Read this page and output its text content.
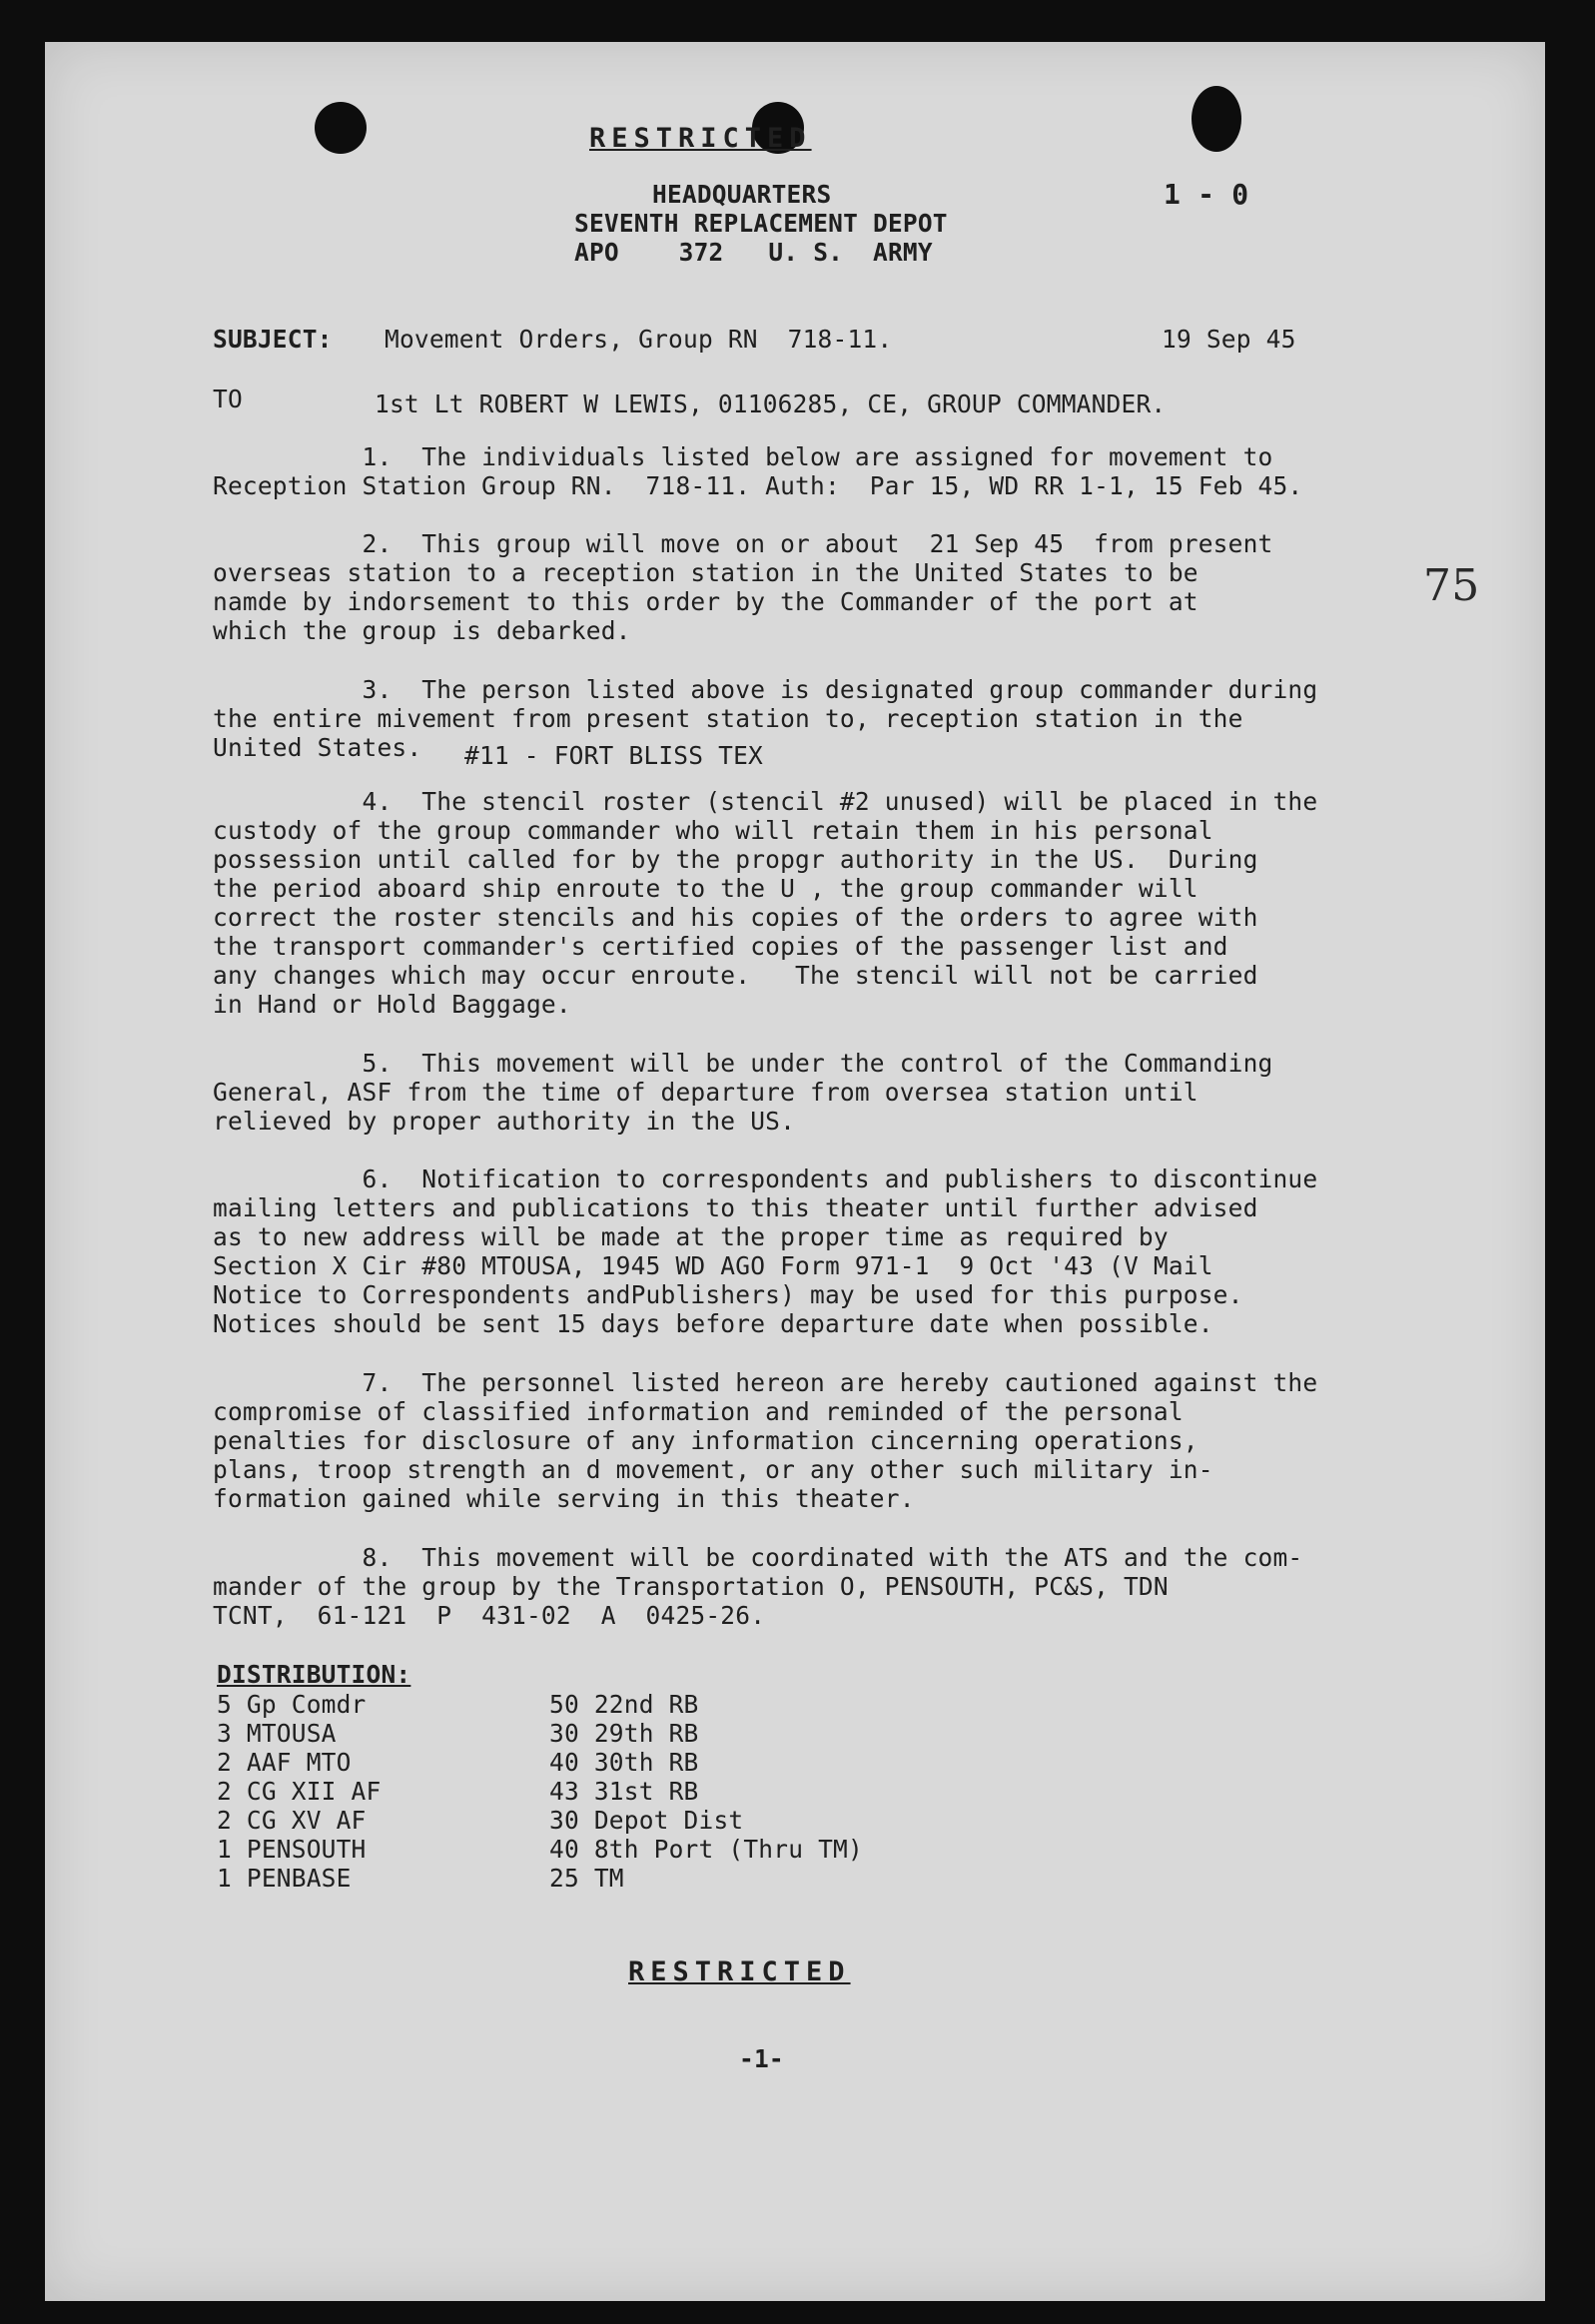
RESTRICTED
HEADQUARTERS
SEVENTH REPLACEMENT DEPOT
APO    372   U. S.  ARMY
1 - 0
75
SUBJECT: Movement Orders, Group RN  718-11.	19 Sep 45
TO	1st Lt ROBERT W LEWIS, 01106285, CE, GROUP COMMANDER.
1.  The individuals listed below are assigned for movement to
Reception Station Group RN.  718-11. Auth:  Par 15, WD RR 1-1, 15 Feb 45.
2.  This group will move on or about  21 Sep 45  from present
overseas station to a reception station in the United States to be
namde by indorsement to this order by the Commander of the port at
which the group is debarked.
3.  The person listed above is designated group commander during
the entire mivement from present station to, reception station in the
United States. #11 - FORT BLISS TEX
4.  The stencil roster (stencil #2 unused) will be placed in the
custody of the group commander who will retain them in his personal
possession until called for by the propgr authority in the US.  During
the period aboard ship enroute to the U , the group commander will
correct the roster stencils and his copies of the orders to agree with
the transport commander's certified copies of the passenger list and
any changes which may occur enroute.   The stencil will not be carried
in Hand or Hold Baggage.
5.  This movement will be under the control of the Commanding
General, ASF from the time of departure from oversea station until
relieved by proper authority in the US.
6.  Notification to correspondents and publishers to discontinue
mailing letters and publications to this theater until further advised
as to new address will be made at the proper time as required by
Section X Cir #80 MTOUSA, 1945 WD AGO Form 971-1  9 Oct '43 (V Mail
Notice to Correspondents andPublishers) may be used for this purpose.
Notices should be sent 15 days before departure date when possible.
7.  The personnel listed hereon are hereby cautioned against the
compromise of classified information and reminded of the personal
penalties for disclosure of any information cincerning operations,
plans, troop strength an d movement, or any other such military in-
formation gained while serving in this theater.
8.  This movement will be coordinated with the ATS and the com-
mander of the group by the Transportation O, PENSOUTH, PC&S, TDN
TCNT,  61-121  P  431-02  A  0425-26.
DISTRIBUTION:
5 Gp Comdr
3 MTOUSA
2 AAF MTO
2 CG XII AF
2 CG XV AF
1 PENSOUTH
1 PENBASE
50 22nd RB
30 29th RB
40 30th RB
43 31st RB
30 Depot Dist
40 8th Port (Thru TM)
25 TM
RESTRICTED
-1-
